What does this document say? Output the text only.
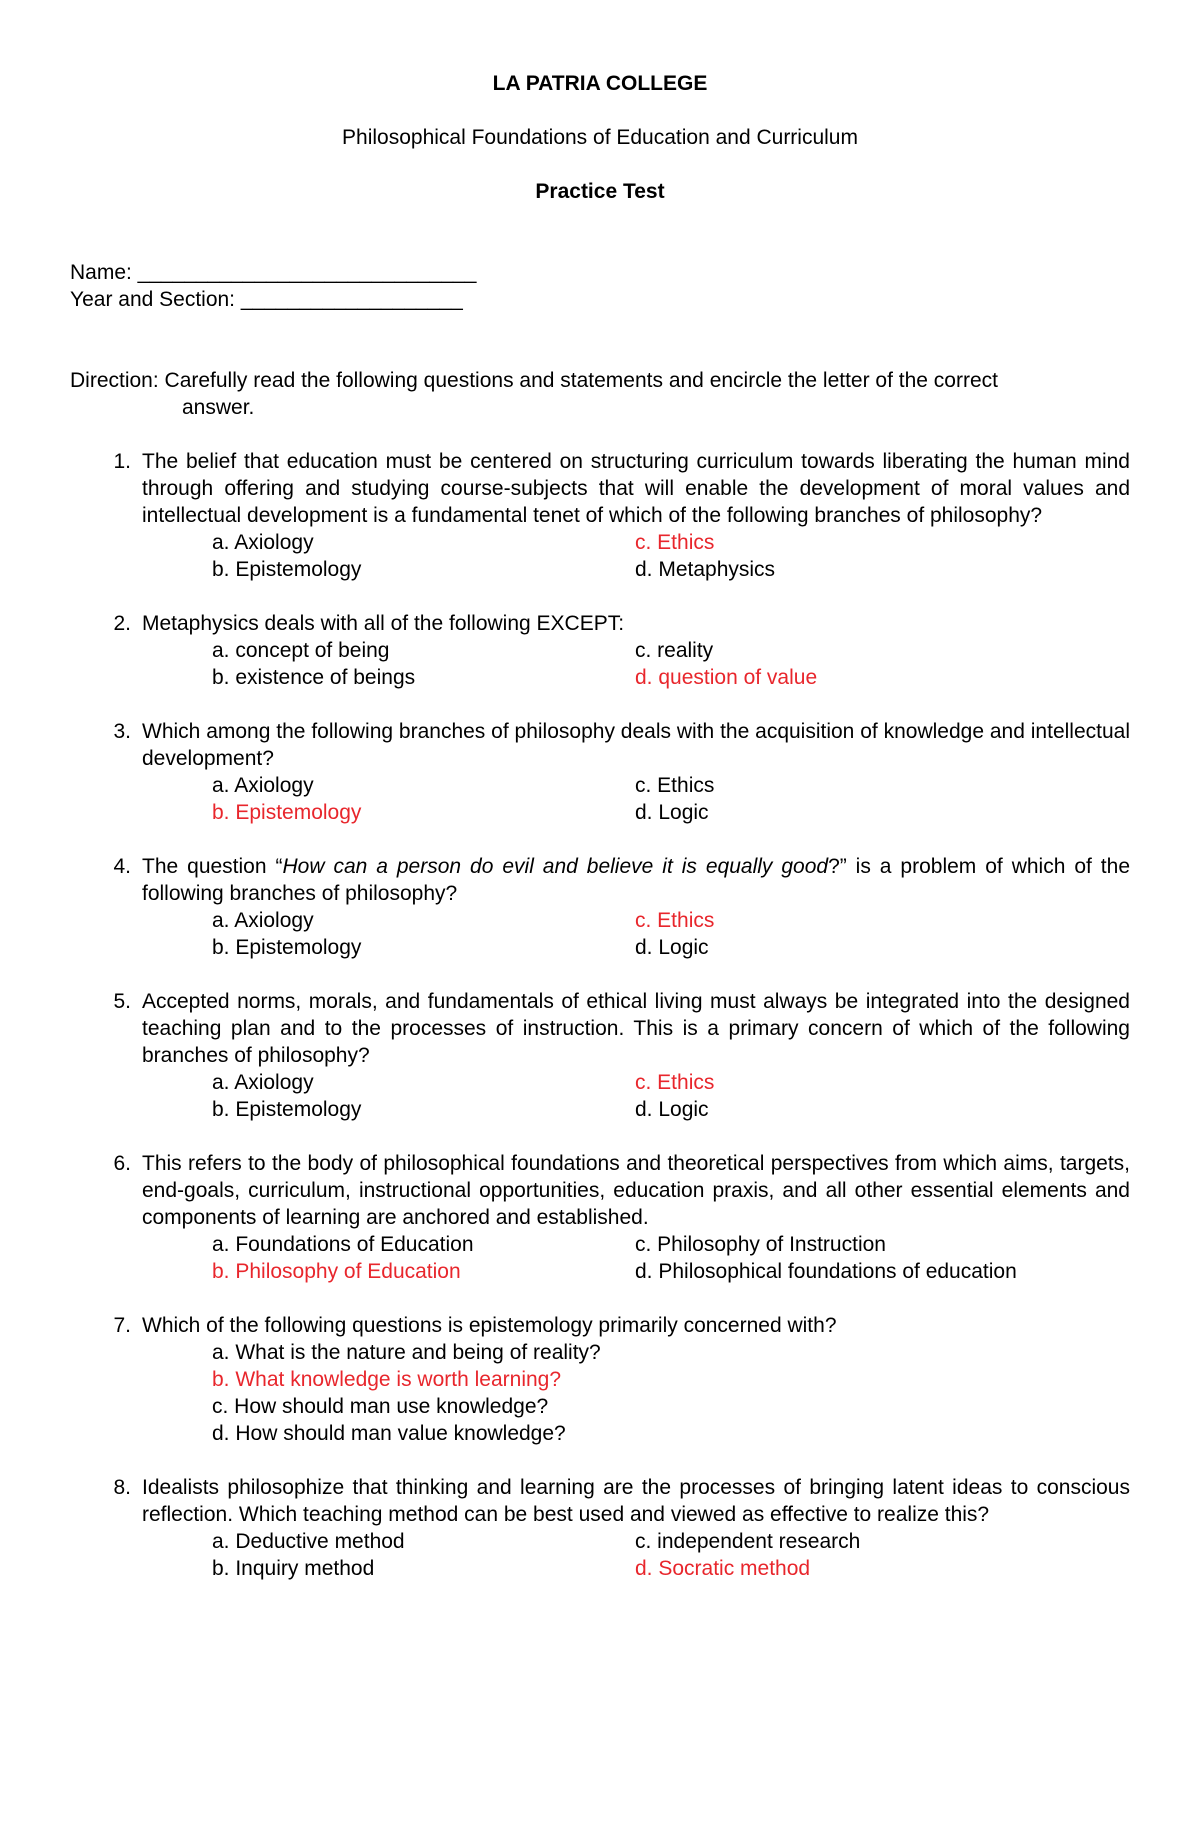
LA PATRIA COLLEGE
Philosophical Foundations of Education and Curriculum
Practice Test
Name: _____________________________
Year and Section: ___________________
Direction: Carefully read the following questions and statements and encircle the letter of the correct
answer.
1. The belief that education must be centered on structuring curriculum towards liberating the human mind through offering and studying course-subjects that will enable the development of moral values and intellectual development is a fundamental tenet of which of the following branches of philosophy?
a. Axiology	c. Ethics
b. Epistemology	d. Metaphysics
2. Metaphysics deals with all of the following EXCEPT:
a. concept of being	c. reality
b. existence of beings	d. question of value
3. Which among the following branches of philosophy deals with the acquisition of knowledge and intellectual development?
a. Axiology	c. Ethics
b. Epistemology	d. Logic
4. The question “How can a person do evil and believe it is equally good?” is a problem of which of the following branches of philosophy?
a. Axiology	c. Ethics
b. Epistemology	d. Logic
5. Accepted norms, morals, and fundamentals of ethical living must always be integrated into the designed teaching plan and to the processes of instruction. This is a primary concern of which of the following branches of philosophy?
a. Axiology	c. Ethics
b. Epistemology	d. Logic
6. This refers to the body of philosophical foundations and theoretical perspectives from which aims, targets, end-goals, curriculum, instructional opportunities, education praxis, and all other essential elements and components of learning are anchored and established.
a. Foundations of Education	c. Philosophy of Instruction
b. Philosophy of Education	d. Philosophical foundations of education
7. Which of the following questions is epistemology primarily concerned with?
a. What is the nature and being of reality?
b. What knowledge is worth learning?
c. How should man use knowledge?
d. How should man value knowledge?
8. Idealists philosophize that thinking and learning are the processes of bringing latent ideas to conscious reflection. Which teaching method can be best used and viewed as effective to realize this?
a. Deductive method	c. independent research
b. Inquiry method	d. Socratic method
